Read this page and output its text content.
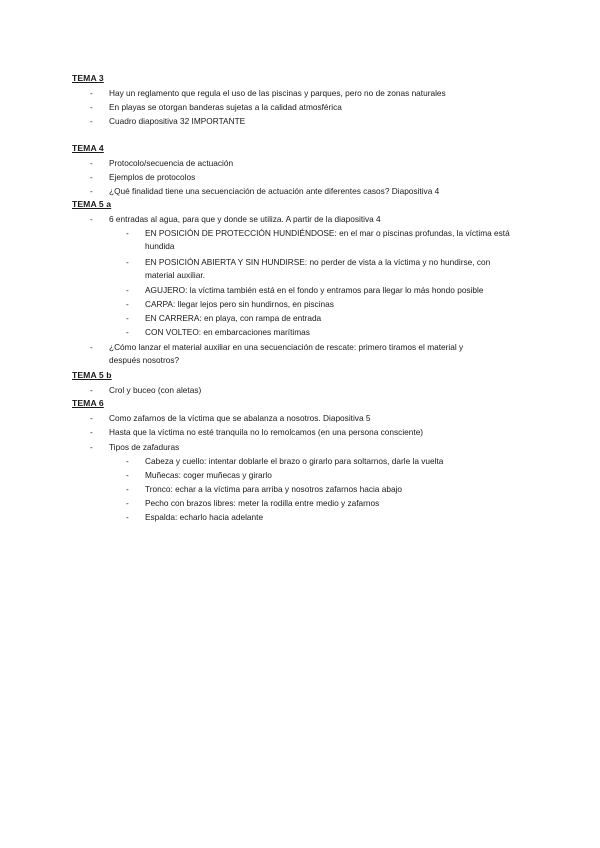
TEMA 3
- Hay un reglamento que regula el uso de las piscinas y parques, pero no de zonas naturales
- En playas se otorgan banderas sujetas a la calidad atmosférica
- Cuadro diapositiva 32 IMPORTANTE
TEMA 4
- Protocolo/secuencia de actuación
- Ejemplos de protocolos
- ¿Qué finalidad tiene una secuenciación de actuación ante diferentes casos? Diapositiva 4
TEMA 5 a
- 6 entradas al agua, para que y donde se utiliza. A partir de la diapositiva 4
- EN POSICIÓN DE PROTECCIÓN HUNDIÉNDOSE: en el mar o piscinas profundas, la víctima está
hundida
- EN POSICIÓN ABIERTA Y SIN HUNDIRSE: no perder de vista a la víctima y no hundirse, con
material auxiliar.
- AGUJERO: la víctima también está en el fondo y entramos para llegar lo más hondo posible
- CARPA: llegar lejos pero sin hundirnos, en piscinas
- EN CARRERA: en playa, con rampa de entrada
- CON VOLTEO: en embarcaciones marítimas
- ¿Cómo lanzar el material auxiliar en una secuenciación de rescate: primero tiramos el material y
después nosotros?
TEMA 5 b
- Crol y buceo (con aletas)
TEMA 6
- Como zafarnos de la víctima que se abalanza a nosotros. Diapositiva 5
- Hasta que la víctima no esté tranquila no lo remolcamos (en una persona consciente)
- Tipos de zafaduras
- Cabeza y cuello: intentar doblarle el brazo o girarlo para soltarnos, darle la vuelta
- Muñecas: coger muñecas y girarlo
- Tronco: echar a la víctima para arriba y nosotros zafarnos hacia abajo
- Pecho con brazos libres: meter la rodilla entre medio y zafarnos
- Espalda: echarlo hacia adelante
